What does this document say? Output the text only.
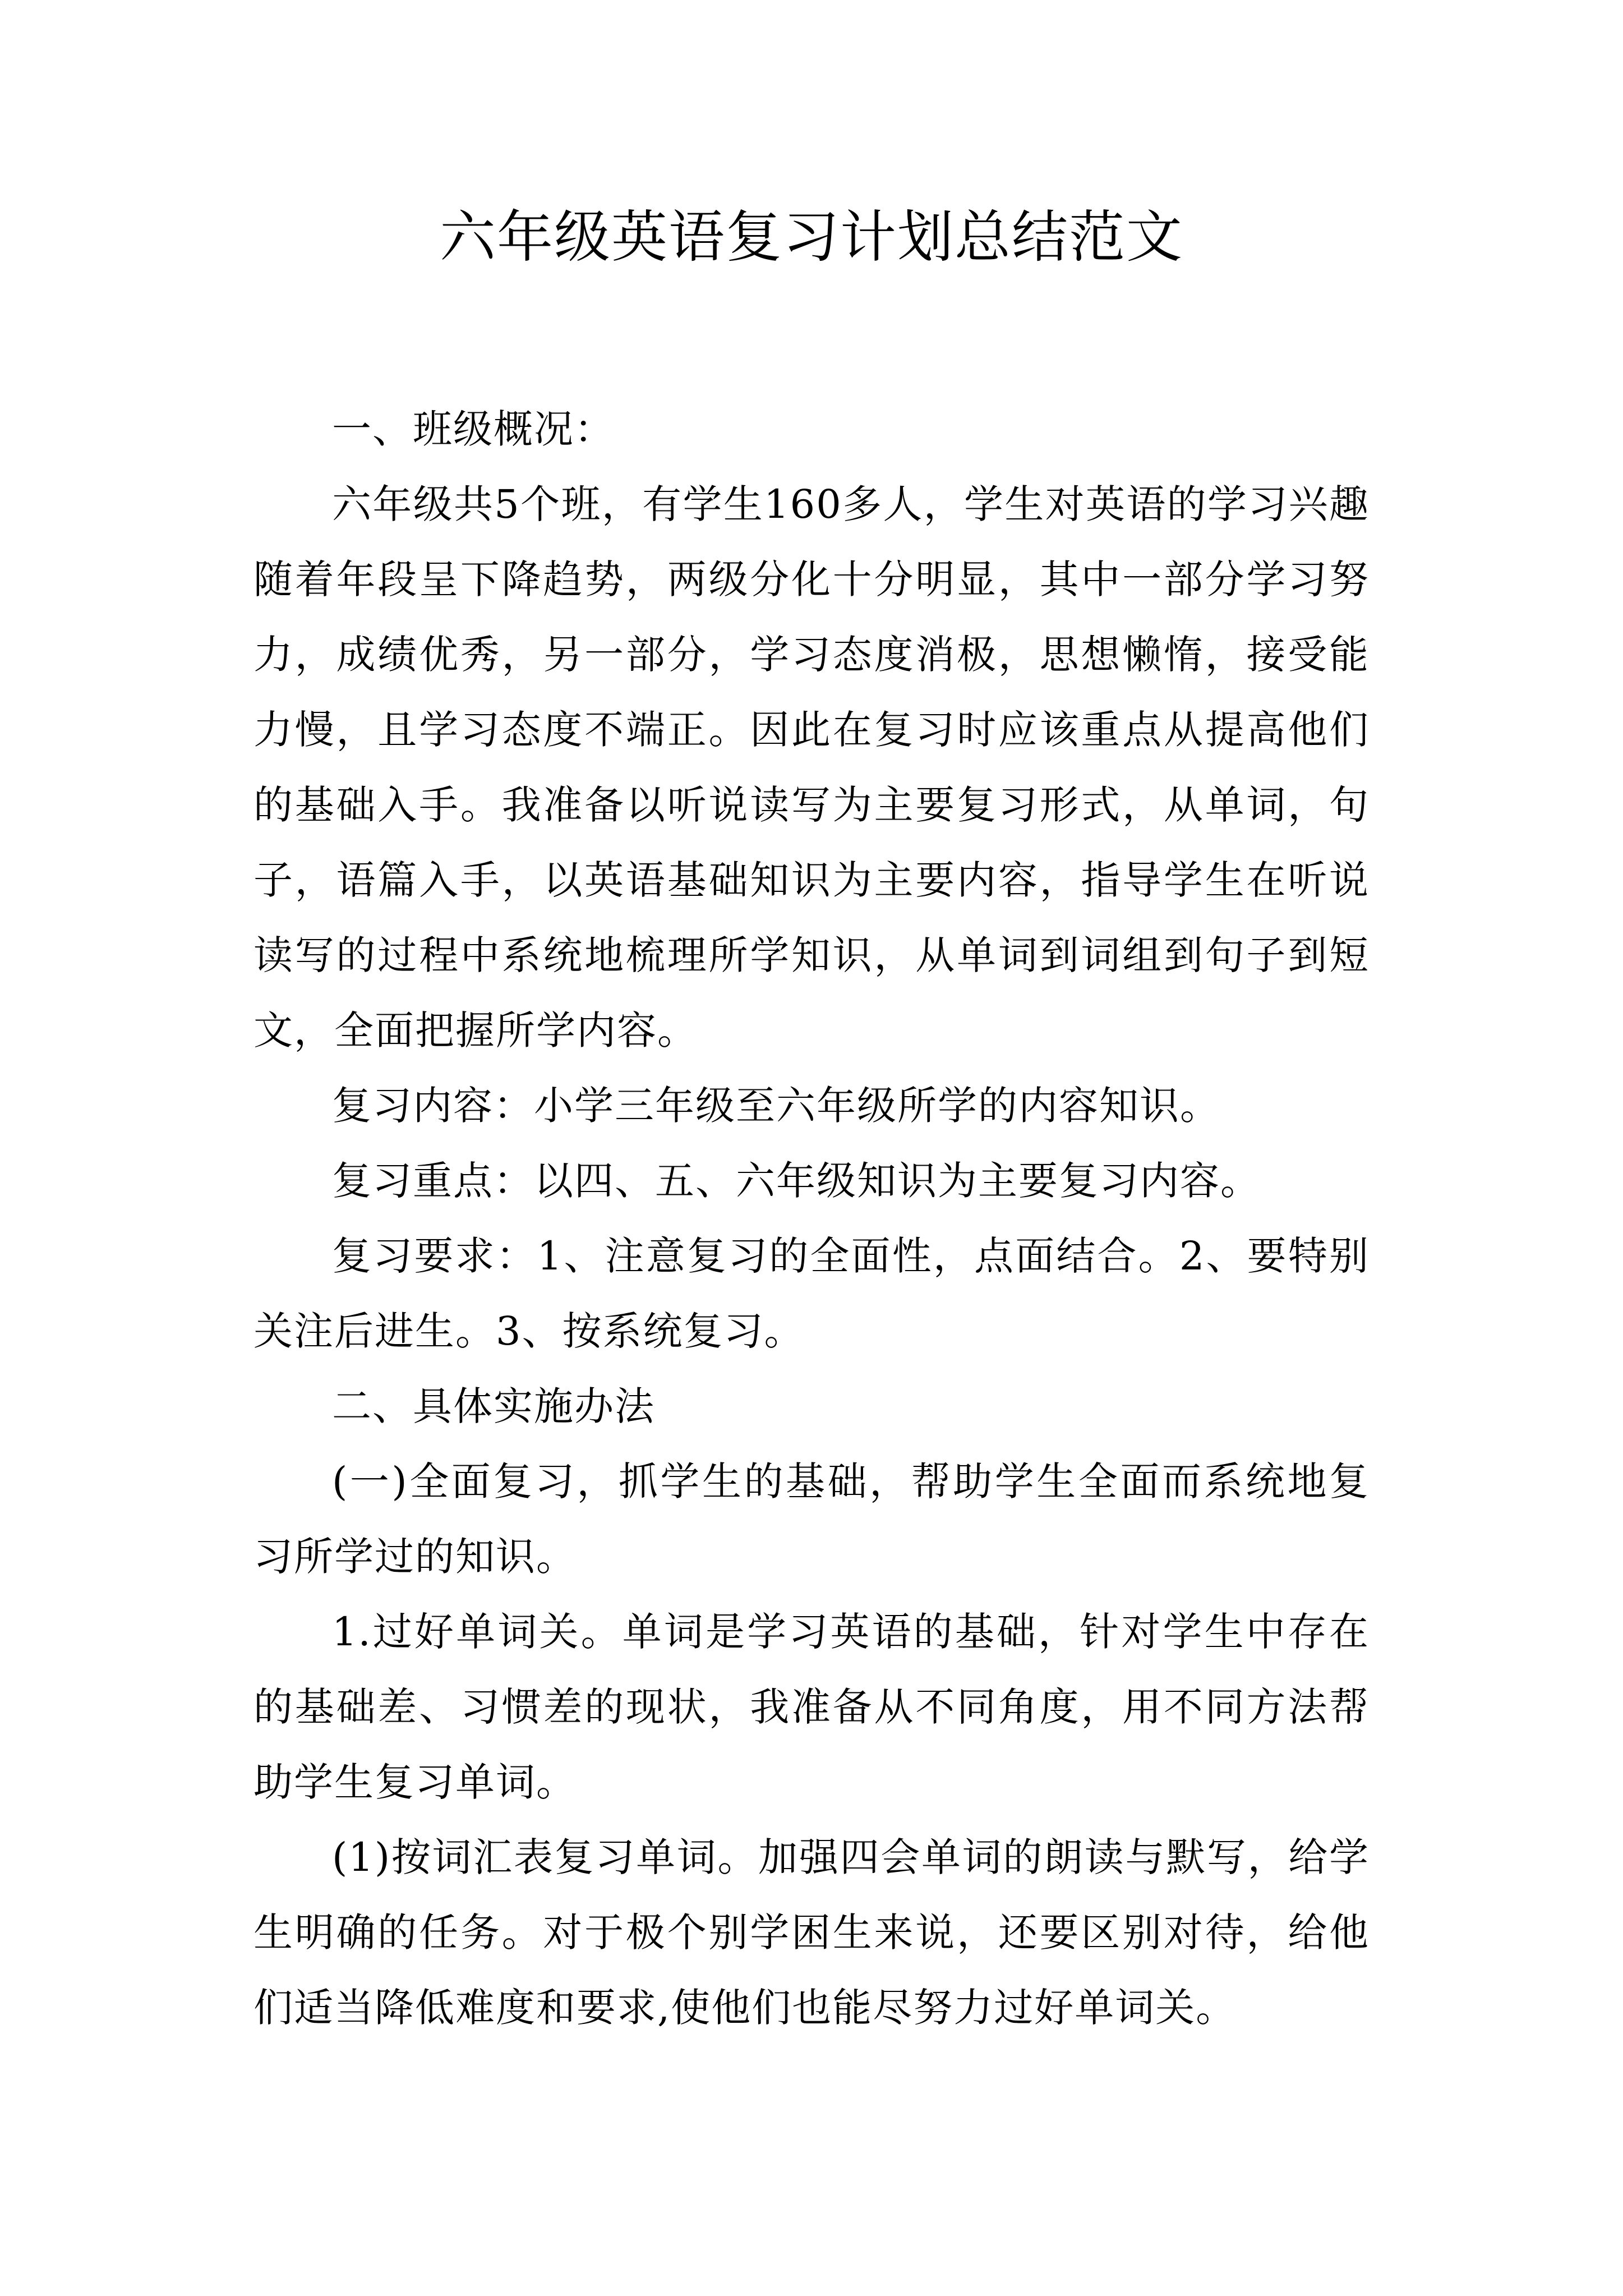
六年级英语复习计划总结范文

一、班级概况：

六年级共5个班，有学生160多人，学生对英语的学习兴趣随着年段呈下降趋势，两级分化十分明显，其中一部分学习努力，成绩优秀，另一部分，学习态度消极，思想懒惰，接受能力慢，且学习态度不端正。因此在复习时应该重点从提高他们的基础入手。我准备以听说读写为主要复习形式，从单词，句子，语篇入手，以英语基础知识为主要内容，指导学生在听说读写的过程中系统地梳理所学知识，从单词到词组到句子到短文，全面把握所学内容。

复习内容：小学三年级至六年级所学的内容知识。

复习重点：以四、五、六年级知识为主要复习内容。

复习要求：1、注意复习的全面性，点面结合。2、要特别关注后进生。3、按系统复习。

二、具体实施办法

(一)全面复习，抓学生的基础，帮助学生全面而系统地复习所学过的知识。

1.过好单词关。单词是学习英语的基础，针对学生中存在的基础差、习惯差的现状，我准备从不同角度，用不同方法帮助学生复习单词。

(1)按词汇表复习单词。加强四会单词的朗读与默写，给学生明确的任务。对于极个别学困生来说，还要区别对待，给他们适当降低难度和要求,使他们也能尽努力过好单词关。
